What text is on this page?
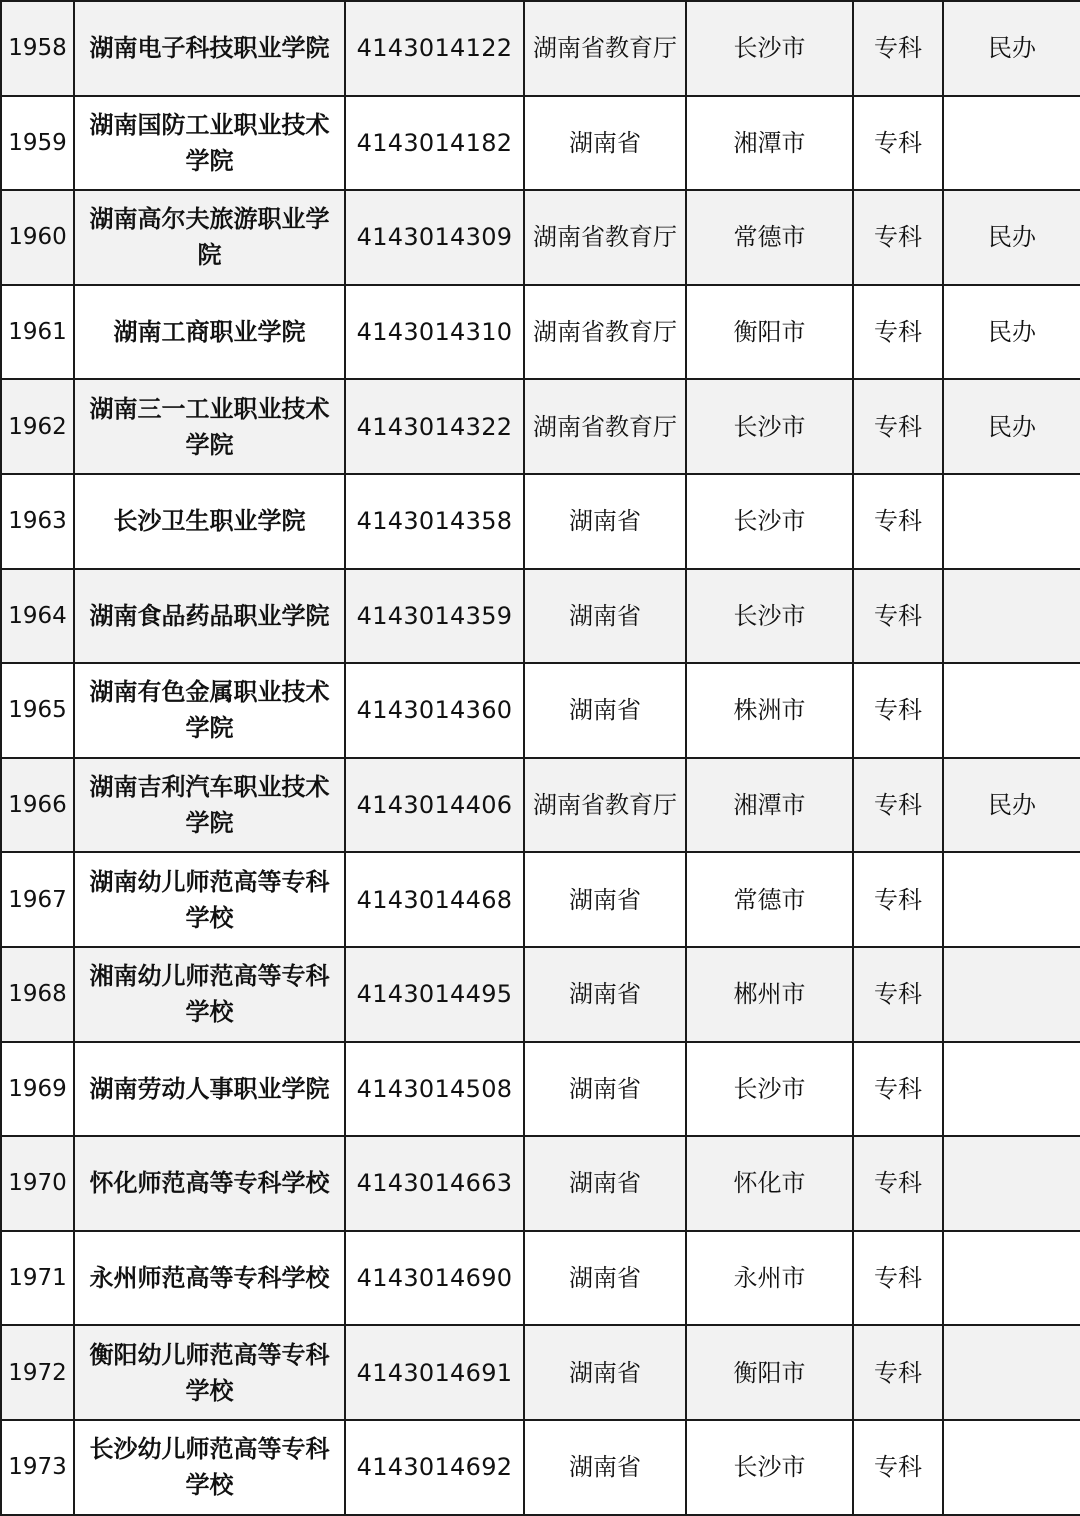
1958	湖南电子科技职业学院	4143014122	湖南省教育厅	长沙市	专科	民办
1959	湖南国防工业职业技术学院	4143014182	湖南省	湘潭市	专科	
1960	湖南高尔夫旅游职业学院	4143014309	湖南省教育厅	常德市	专科	民办
1961	湖南工商职业学院	4143014310	湖南省教育厅	衡阳市	专科	民办
1962	湖南三一工业职业技术学院	4143014322	湖南省教育厅	长沙市	专科	民办
1963	长沙卫生职业学院	4143014358	湖南省	长沙市	专科	
1964	湖南食品药品职业学院	4143014359	湖南省	长沙市	专科	
1965	湖南有色金属职业技术学院	4143014360	湖南省	株洲市	专科	
1966	湖南吉利汽车职业技术学院	4143014406	湖南省教育厅	湘潭市	专科	民办
1967	湖南幼儿师范高等专科学校	4143014468	湖南省	常德市	专科	
1968	湘南幼儿师范高等专科学校	4143014495	湖南省	郴州市	专科	
1969	湖南劳动人事职业学院	4143014508	湖南省	长沙市	专科	
1970	怀化师范高等专科学校	4143014663	湖南省	怀化市	专科	
1971	永州师范高等专科学校	4143014690	湖南省	永州市	专科	
1972	衡阳幼儿师范高等专科学校	4143014691	湖南省	衡阳市	专科	
1973	长沙幼儿师范高等专科学校	4143014692	湖南省	长沙市	专科	
